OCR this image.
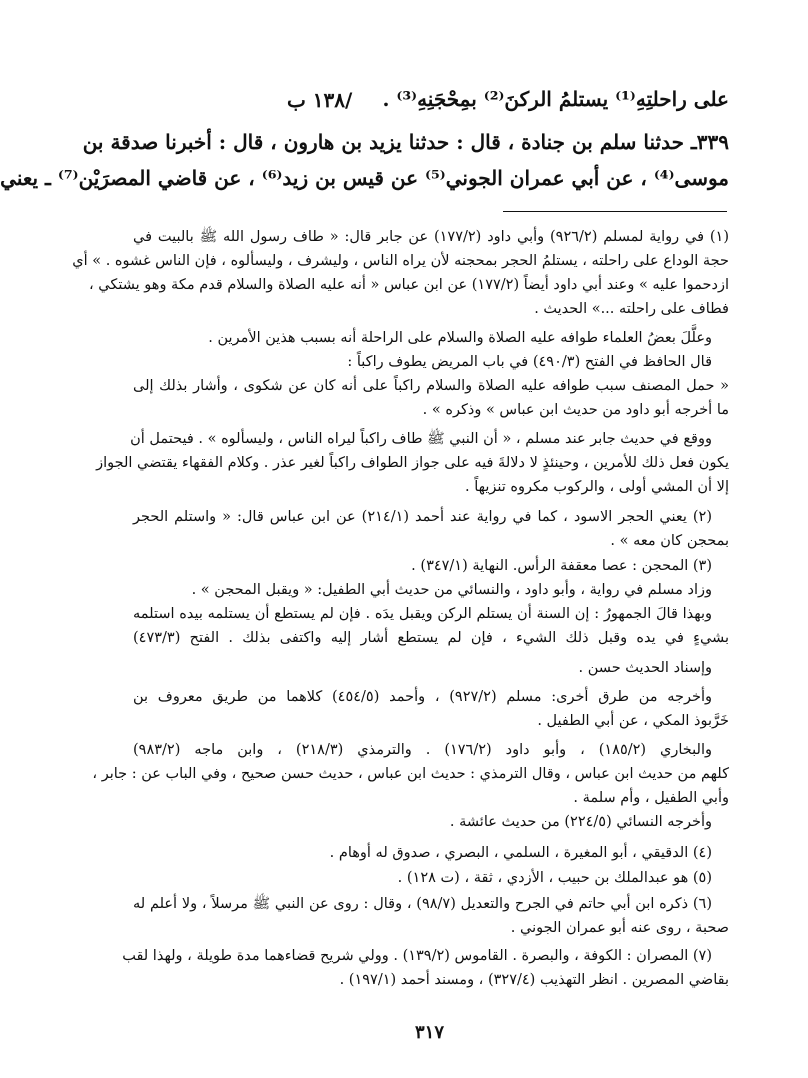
على راحلتِهِ⁽¹⁾ يستلمُ الركنَ⁽²⁾ بمِحْجَنِهِ⁽³⁾ .
/١٣٨ ب
٣٣٩ـ حدثنا سلم بن جنادة ، قال : حدثنا يزيد بن هارون ، قال : أخبرنا صدقة بن
موسى⁽⁴⁾ ، عن أبي عمران الجوني⁽⁵⁾ عن قيس بن زيد⁽⁶⁾ ، عن قاضي المصرَيْن⁽⁷⁾ ـ يعني
(١) في رواية لمسلم (٩٢٦/٢) وأبي داود (١٧٧/٢) عن جابر قال: « طاف رسول الله ﷺ بالبيت في
حجة الوداع على راحلته ، يستلمُ الحجر بمحجنه لأن يراه الناس ، وليشرف ، وليسألوه ، فإن الناس غشوه . » أي
ازدحموا عليه » وعند أبي داود أيضاً (١٧٧/٢) عن ابن عباس « أنه عليه الصلاة والسلام قدم مكة وهو يشتكي ،
فطاف على راحلته ...» الحديث .
وعلَّلَ بعضُ العلماء طوافه عليه الصلاة والسلام على الراحلة أنه بسبب هذين الأمرين .
قال الحافظ في الفتح (٤٩٠/٣) في باب المريض يطوف راكباً :
« حمل المصنف سبب طوافه عليه الصلاة والسلام راكباً على أنه كان عن شكوى ، وأشار بذلك إلى
ما أخرجه أبو داود من حديث ابن عباس » وذكره » .
ووقع في حديث جابر عند مسلم ، « أن النبي ﷺ طاف راكباً ليراه الناس ، وليسألوه » . فيحتمل أن
يكون فعل ذلك للأمرين ، وحينئذٍ لا دلالةَ فيه على جواز الطواف راكباً لغير عذر . وكلام الفقهاء يقتضي الجواز
إلا أن المشي أولى ، والركوب مكروه تنزيهاً .
(٢) يعني الحجر الاسود ، كما في رواية عند أحمد (٢١٤/١) عن ابن عباس قال: « واستلم الحجر
بمحجن كان معه » .
(٣) المحجن : عصا معقفة الرأس. النهاية (٣٤٧/١) .
وزاد مسلم في رواية ، وأبو داود ، والنسائي من حديث أبي الطفيل: « ويقبل المحجن » .
وبهذا قالَ الجمهورُ : إن السنة أن يستلم الركن ويقبل يدَه . فإن لم يستطع أن يستلمه بيده استلمه
بشيءٍ في يده وقبل ذلك الشيء ، فإن لم يستطع أشار إليه واكتفى بذلك . الفتح (٤٧٣/٣)
وإسناد الحديث حسن .
وأخرجه من طرق أخرى: مسلم (٩٢٧/٢) ، وأحمد (٤٥٤/٥) كلاهما من طريق معروف بن
خَرَّبوذ المكي ، عن أبي الطفيل .
والبخاري (١٨٥/٢) ، وأبو داود (١٧٦/٢) . والترمذي (٢١٨/٣) ، وابن ماجه (٩٨٣/٢)
كلهم من حديث ابن عباس ، وقال الترمذي : حديث ابن عباس ، حديث حسن صحيح ، وفي الباب عن : جابر ،
وأبي الطفيل ، وأم سلمة .
وأخرجه النسائي (٢٢٤/٥) من حديث عائشة .
(٤) الدقيقي ، أبو المغيرة ، السلمي ، البصري ، صدوق له أوهام .
(٥) هو عبدالملك بن حبيب ، الأزدي ، ثقة ، (ت ١٢٨) .
(٦) ذكره ابن أبي حاتم في الجرح والتعديل (٩٨/٧) ، وقال : روى عن النبي ﷺ مرسلاً ، ولا أعلم له
صحبة ، روى عنه أبو عمران الجوني .
(٧) المصران : الكوفة ، والبصرة . القاموس (١٣٩/٢) . وولي شريح قضاءهما مدة طويلة ، ولهذا لقب
بقاضي المصرين . انظر التهذيب (٣٢٧/٤) ، ومسند أحمد (١٩٧/١) .
٣١٧
